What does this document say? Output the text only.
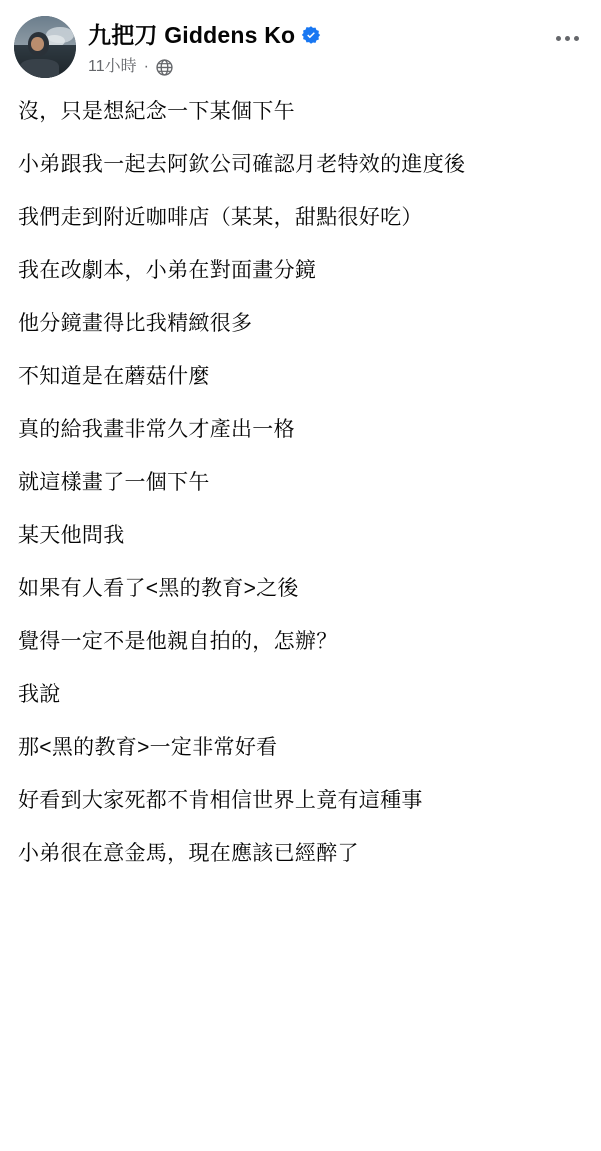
九把刀 Giddens Ko
11小時 ·

沒，只是想紀念一下某個下午

小弟跟我一起去阿欽公司確認月老特效的進度後

我們走到附近咖啡店（某某，甜點很好吃）

我在改劇本，小弟在對面畫分鏡

他分鏡畫得比我精緻很多

不知道是在蘑菇什麼

真的給我畫非常久才產出一格

就這樣畫了一個下午

某天他問我

如果有人看了<黑的教育>之後

覺得一定不是他親自拍的，怎辦？

我說

那<黑的教育>一定非常好看

好看到大家死都不肯相信世界上竟有這種事

小弟很在意金馬，現在應該已經醉了
